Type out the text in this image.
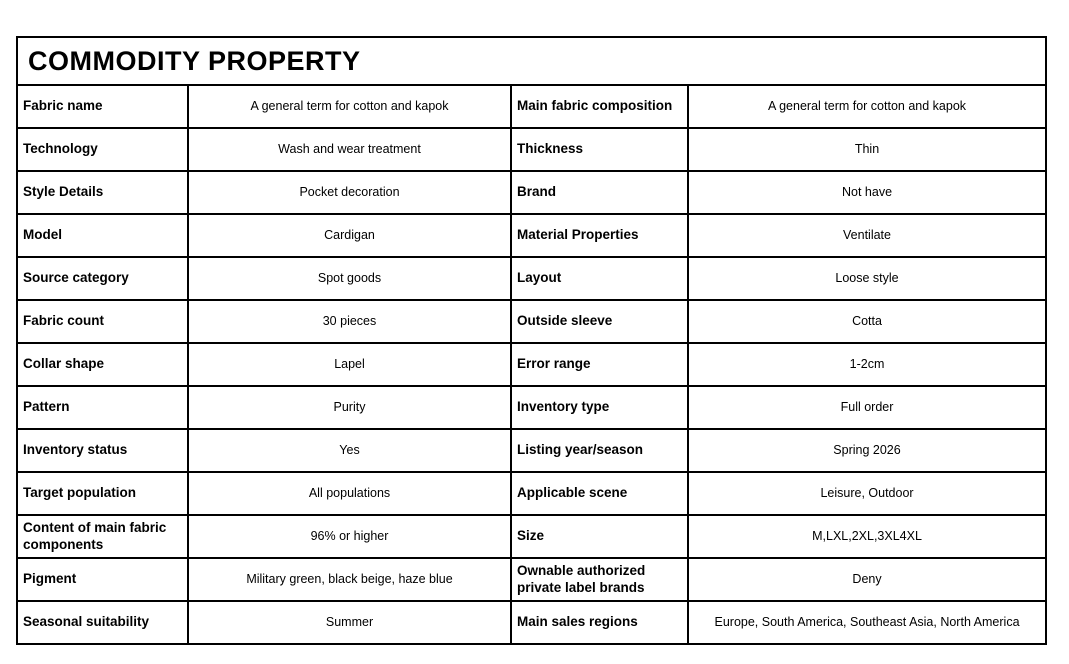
COMMODITY PROPERTY			
Fabric name	A general term for cotton and kapok	Main fabric composition	A general term for cotton and kapok
Technology	Wash and wear treatment	Thickness	Thin
Style Details	Pocket decoration	Brand	Not have
Model	Cardigan	Material Properties	Ventilate
Source category	Spot goods	Layout	Loose style
Fabric count	30 pieces	Outside sleeve	Cotta
Collar shape	Lapel	Error range	1-2cm
Pattern	Purity	Inventory type	Full order
Inventory status	Yes	Listing year/season	Spring 2026
Target population	All populations	Applicable scene	Leisure, Outdoor
Content of main fabric components	96% or higher	Size	M,LXL,2XL,3XL4XL
Pigment	Military green, black beige, haze blue	Ownable authorized private label brands	Deny
Seasonal suitability	Summer	Main sales regions	Europe, South America, Southeast Asia, North America
